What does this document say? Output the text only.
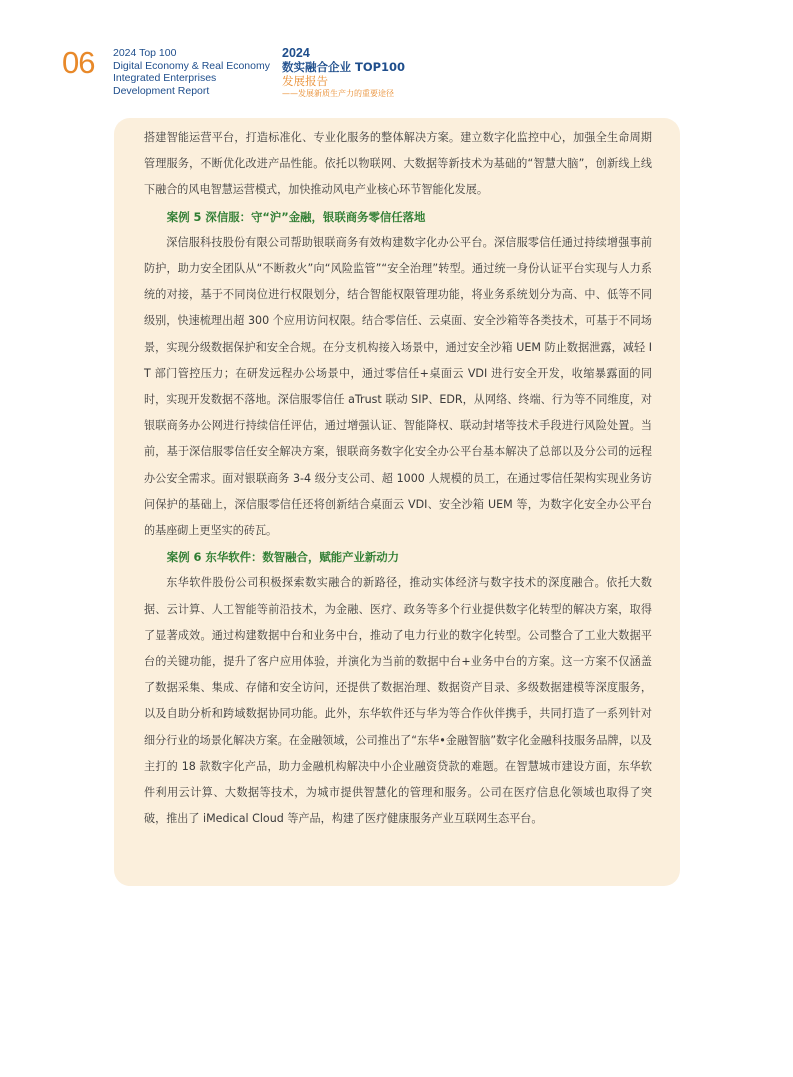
06 2024 Top 100
Digital Economy & Real Economy
Integrated Enterprises
Development Report
2024
数实融合企业 TOP100
发展报告
——发展新质生产力的重要途径

搭建智能运营平台，打造标准化、专业化服务的整体解决方案。建立数字化监控中心，加强全生命周期管理服务，不断优化改进产品性能。依托以物联网、大数据等新技术为基础的“智慧大脑”，创新线上线下融合的风电智慧运营模式，加快推动风电产业核心环节智能化发展。

案例 5 深信服：守“沪”金融，银联商务零信任落地

深信服科技股份有限公司帮助银联商务有效构建数字化办公平台。深信服零信任通过持续增强事前防护，助力安全团队从“不断救火”向“风险监管”“安全治理”转型。通过统一身份认证平台实现与人力系统的对接，基于不同岗位进行权限划分，结合智能权限管理功能，将业务系统划分为高、中、低等不同级别，快速梳理出超 300 个应用访问权限。结合零信任、云桌面、安全沙箱等各类技术，可基于不同场景，实现分级数据保护和安全合规。在分支机构接入场景中，通过安全沙箱 UEM 防止数据泄露，减轻 IT 部门管控压力；在研发远程办公场景中，通过零信任+桌面云 VDI 进行安全开发，收缩暴露面的同时，实现开发数据不落地。深信服零信任 aTrust 联动 SIP、EDR，从网络、终端、行为等不同维度，对银联商务办公网进行持续信任评估，通过增强认证、智能降权、联动封堵等技术手段进行风险处置。当前，基于深信服零信任安全解决方案，银联商务数字化安全办公平台基本解决了总部以及分公司的远程办公安全需求。面对银联商务 3-4 级分支公司、超 1000 人规模的员工，在通过零信任架构实现业务访问保护的基础上，深信服零信任还将创新结合桌面云 VDI、安全沙箱 UEM 等，为数字化安全办公平台的基座砌上更坚实的砖瓦。

案例 6 东华软件：数智融合，赋能产业新动力

东华软件股份公司积极探索数实融合的新路径，推动实体经济与数字技术的深度融合。依托大数据、云计算、人工智能等前沿技术，为金融、医疗、政务等多个行业提供数字化转型的解决方案，取得了显著成效。通过构建数据中台和业务中台，推动了电力行业的数字化转型。公司整合了工业大数据平台的关键功能，提升了客户应用体验，并演化为当前的数据中台+业务中台的方案。这一方案不仅涵盖了数据采集、集成、存储和安全访问，还提供了数据治理、数据资产目录、多级数据建模等深度服务，以及自助分析和跨域数据协同功能。此外，东华软件还与华为等合作伙伴携手，共同打造了一系列针对细分行业的场景化解决方案。在金融领域，公司推出了“东华•金融智脑”数字化金融科技服务品牌，以及主打的 18 款数字化产品，助力金融机构解决中小企业融资贷款的难题。在智慧城市建设方面，东华软件利用云计算、大数据等技术，为城市提供智慧化的管理和服务。公司在医疗信息化领域也取得了突破，推出了 iMedical Cloud 等产品，构建了医疗健康服务产业互联网生态平台。
